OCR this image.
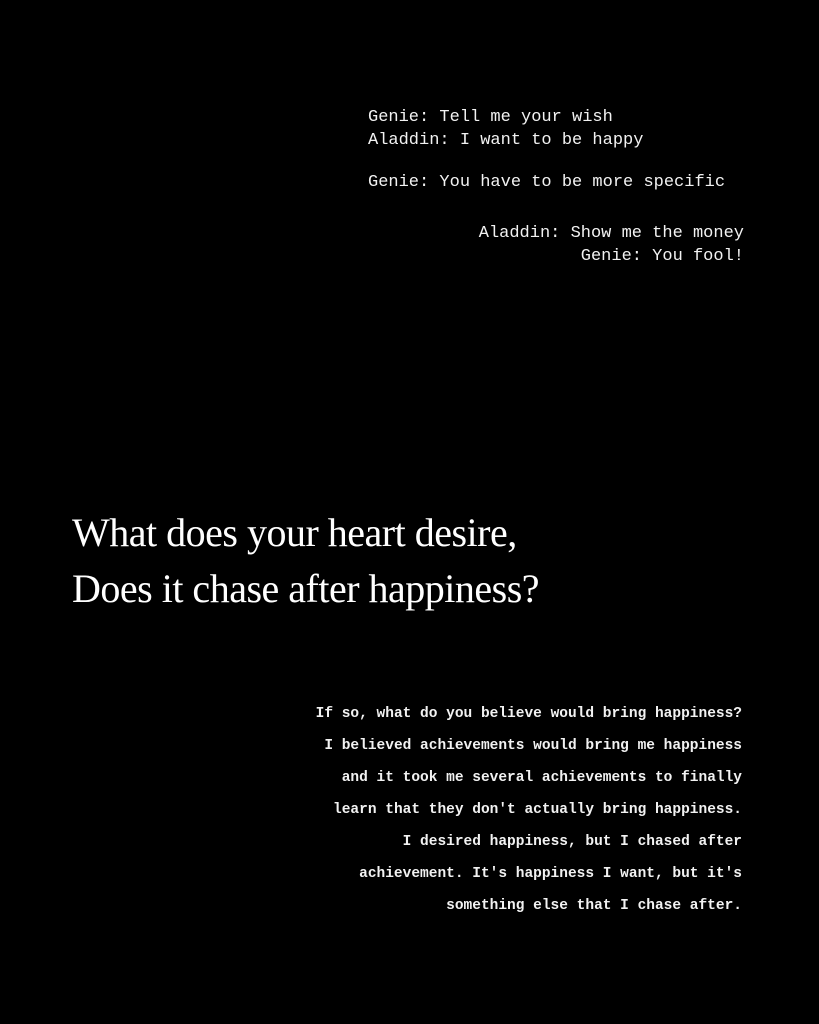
Genie: Tell me your wish
Aladdin: I want to be happy
Genie: You have to be more specific
Aladdin: Show me the money
Genie: You fool!
What does your heart desire,
Does it chase after happiness?
If so, what do you believe would bring happiness?
I believed achievements would bring me happiness
and it took me several achievements to finally
learn that they don't actually bring happiness.
I desired happiness, but I chased after
achievement. It's happiness I want, but it's
something else that I chase after.
